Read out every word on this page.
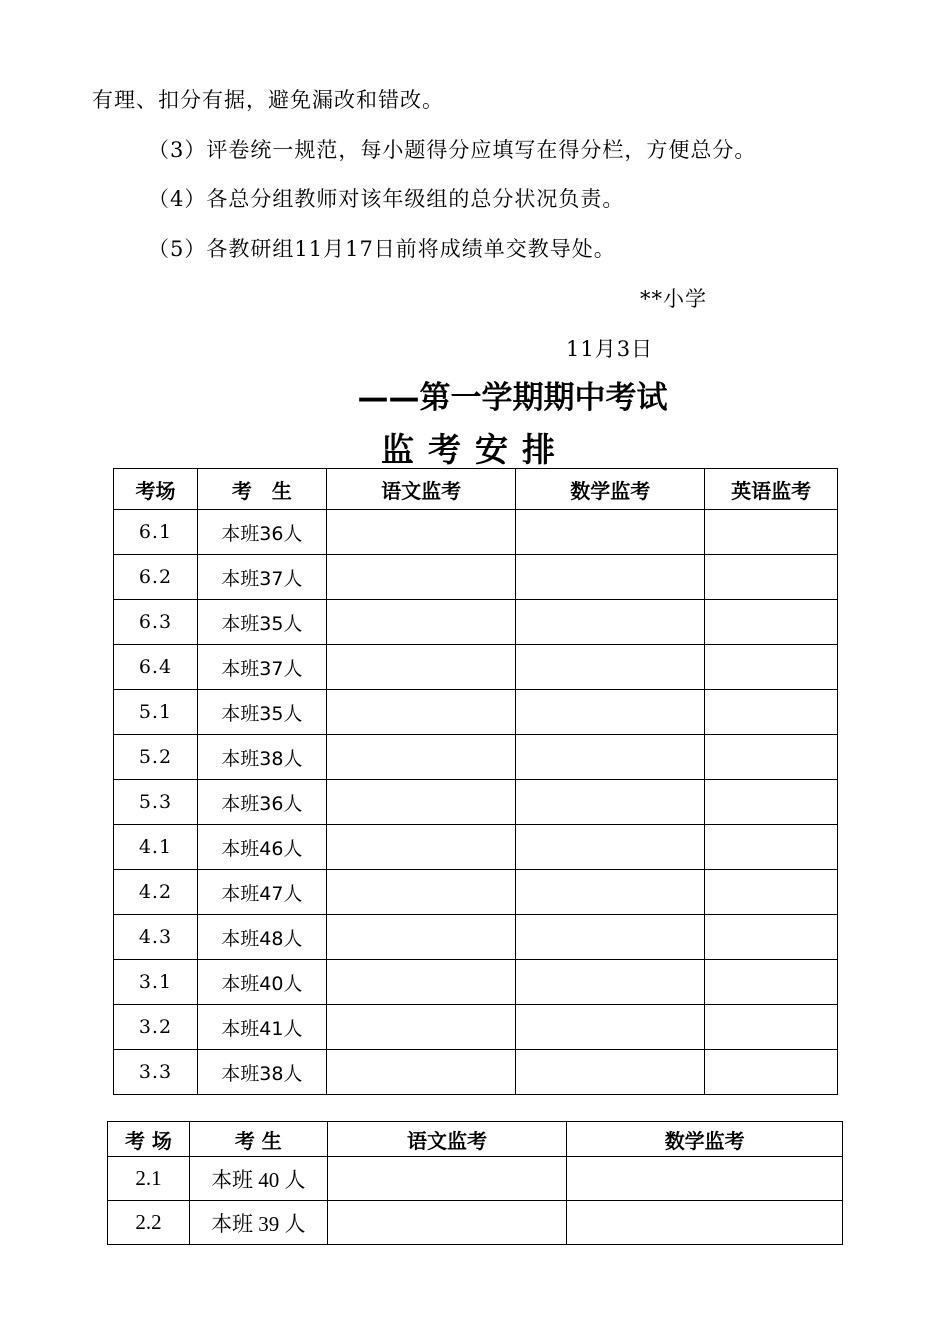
有理、扣分有据，避免漏改和错改。
（3）评卷统一规范，每小题得分应填写在得分栏，方便总分。
（4）各总分组教师对该年级组的总分状况负责。
（5）各教研组11月17日前将成绩单交教导处。
**小学
11月3日
——第一学期期中考试
监考安排
考场	考　生	语文监考	数学监考	英语监考
6.1	本班36人			
6.2	本班37人			
6.3	本班35人			
6.4	本班37人			
5.1	本班35人			
5.2	本班38人			
5.3	本班36人			
4.1	本班46人			
4.2	本班47人			
4.3	本班48人			
3.1	本班40人			
3.2	本班41人			
3.3	本班38人			
考 场	考 生	语文监考	数学监考
2.1	本班 40 人		
2.2	本班 39 人		
